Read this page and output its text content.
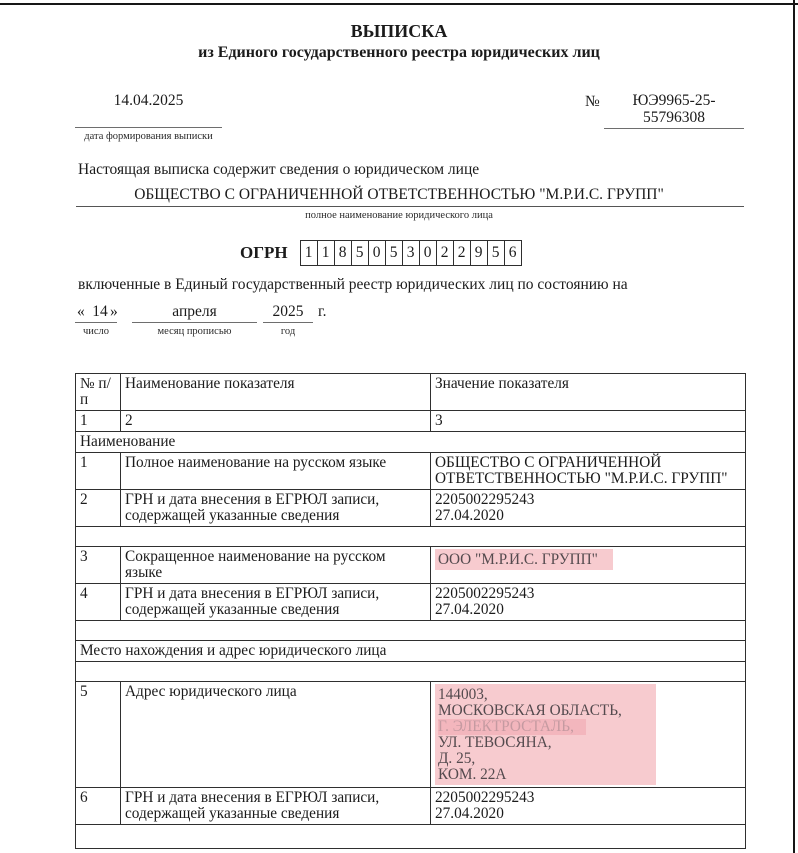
ВЫПИСКА
из Единого государственного реестра юридических лиц
14.04.2025
дата формирования выписки
№	ЮЭ9965-25-
55796308
Настоящая выписка содержит сведения о юридическом лице
ОБЩЕСТВО С ОГРАНИЧЕННОЙ ОТВЕТСТВЕННОСТЬЮ "М.Р.И.С. ГРУПП"
полное наименование юридического лица
ОГРН	1 1 8 5 0 5 3 0 2 2 9 5 6
включенные в Единый государственный реестр юридических лиц по состоянию на
« 14 »
число
апреля
месяц прописью
2025
год
г.
№ п/п	Наименование показателя	Значение показателя
1	2	3
Наименование		
1	Полное наименование на русском языке	ОБЩЕСТВО С ОГРАНИЧЕННОЙ ОТВЕТСТВЕННОСТЬЮ "М.Р.И.С. ГРУПП"
2	ГРН и дата внесения в ЕГРЮЛ записи, содержащей указанные сведения	2205002295243
27.04.2020

3	Сокращенное наименование на русском языке	ООО "М.Р.И.С. ГРУПП"
4	ГРН и дата внесения в ЕГРЮЛ записи, содержащей указанные сведения	2205002295243
27.04.2020

Место нахождения и адрес юридического лица		

5	Адрес юридического лица	144003,
МОСКОВСКАЯ ОБЛАСТЬ,
Г. ЭЛЕКТРОСТАЛЬ,
УЛ. ТЕВОСЯНА,
Д. 25,
КОМ. 22А

6	ГРН и дата внесения в ЕГРЮЛ записи, содержащей указанные сведения	2205002295243
27.04.2020
